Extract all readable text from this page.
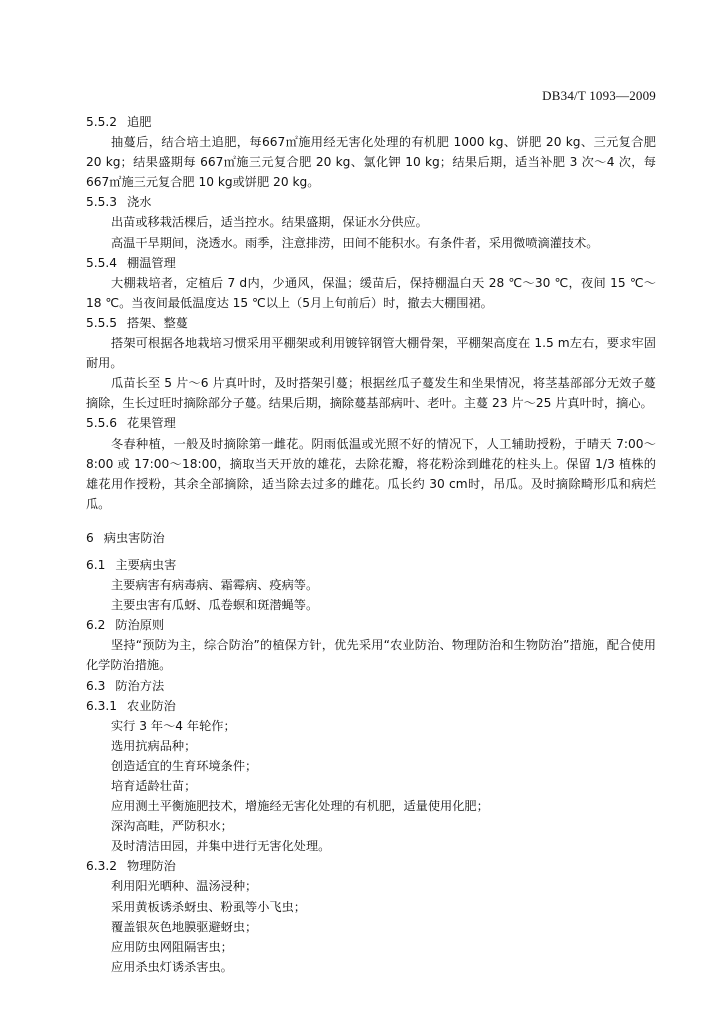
DB34/T 1093—2009
5.5.2 追肥

抽蔓后，结合培土追肥，每667㎡施用经无害化处理的有机肥 1000 kg、饼肥 20 kg、三元复合肥 20 kg；结果盛期每 667㎡施三元复合肥 20 kg、氯化钾 10 kg；结果后期，适当补肥 3 次～4 次，每667㎡施三元复合肥 10 kg或饼肥 20 kg。

5.5.3 浇水

出苗或移栽活棵后，适当控水。结果盛期，保证水分供应。

高温干旱期间，浇透水。雨季，注意排涝，田间不能积水。有条件者，采用微喷滴灌技术。

5.5.4 棚温管理

大棚栽培者，定植后 7 d内，少通风，保温；缓苗后，保持棚温白天 28 ℃～30 ℃，夜间 15 ℃～18 ℃。当夜间最低温度达 15 ℃以上（5月上旬前后）时，撤去大棚围裙。

5.5.5 搭架、整蔓

搭架可根据各地栽培习惯采用平棚架或利用镀锌钢管大棚骨架，平棚架高度在 1.5 m左右，要求牢固耐用。

瓜苗长至 5 片～6 片真叶时，及时搭架引蔓；根据丝瓜子蔓发生和坐果情况，将茎基部部分无效子蔓摘除，生长过旺时摘除部分子蔓。结果后期，摘除蔓基部病叶、老叶。主蔓 23 片～25 片真叶时，摘心。

5.5.6 花果管理

冬春种植，一般及时摘除第一雌花。阴雨低温或光照不好的情况下，人工辅助授粉，于晴天 7:00～8:00 或 17:00～18:00，摘取当天开放的雄花，去除花瓣，将花粉涂到雌花的柱头上。保留 1/3 植株的雄花用作授粉，其余全部摘除，适当除去过多的雌花。瓜长约 30 cm时，吊瓜。及时摘除畸形瓜和病烂瓜。

6 病虫害防治
6.1 主要病虫害

主要病害有病毒病、霜霉病、疫病等。

主要虫害有瓜蚜、瓜卷螟和斑潜蝇等。

6.2 防治原则

坚持“预防为主，综合防治”的植保方针，优先采用“农业防治、物理防治和生物防治”措施，配合使用化学防治措施。

6.3 防治方法
6.3.1 农业防治

实行 3 年～4 年轮作；

选用抗病品种；

创造适宜的生育环境条件；

培育适龄壮苗；

应用测土平衡施肥技术，增施经无害化处理的有机肥，适量使用化肥；

深沟高畦，严防积水；

及时清洁田园，并集中进行无害化处理。

6.3.2 物理防治

利用阳光晒种、温汤浸种；

采用黄板诱杀蚜虫、粉虱等小飞虫；

覆盖银灰色地膜驱避蚜虫；

应用防虫网阻隔害虫；

应用杀虫灯诱杀害虫。
